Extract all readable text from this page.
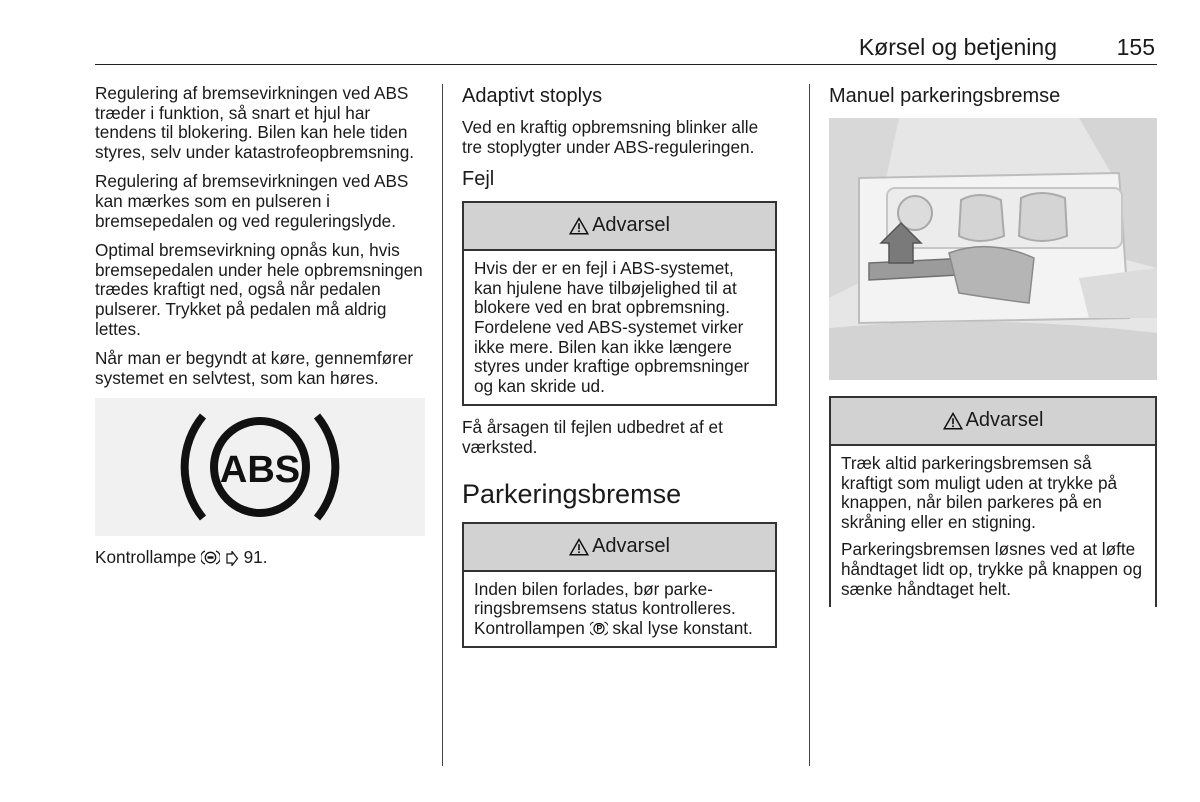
Kørsel og betjening	155

Regulering af bremsevirkningen ved ABS træder i funktion, så snart et hjul har tendens til blokering. Bilen kan hele tiden styres, selv under katastrofeopbremsning.

Regulering af bremsevirkningen ved ABS kan mærkes som en pulseren i bremsepedalen og ved reguleringslyde.

Optimal bremsevirkning opnås kun, hvis bremsepedalen under hele opbremsningen trædes kraftigt ned, også når pedalen pulserer. Trykket på pedalen må aldrig lettes.

Når man er begyndt at køre, gennemfører systemet en selvtest, som kan høres.

ABS

Kontrollampe	91.

Adaptivt stoplys

Ved en kraftig opbremsning blinker alle tre stoplygter under ABS-reguleringen.

Fejl
Advarsel

Hvis der er en fejl i ABS-systemet, kan hjulene have tilbøjelighed til at blokere ved en brat opbremsning. Fordelene ved ABS-systemet virker ikke mere. Bilen kan ikke længere styres under kraftige opbremsninger og kan skride ud.

Få årsagen til fejlen udbedret af et værksted.

Parkeringsbremse
Advarsel

Inden bilen forlades, bør parkeringsbremsens status kontrolleres. Kontrollampen skal lyse konstant.

Manuel parkeringsbremse
Advarsel

Træk altid parkeringsbremsen så kraftigt som muligt uden at trykke på knappen, når bilen parkeres på en skråning eller en stigning.

Parkeringsbremsen løsnes ved at løfte håndtaget lidt op, trykke på knappen og sænke håndtaget helt.
